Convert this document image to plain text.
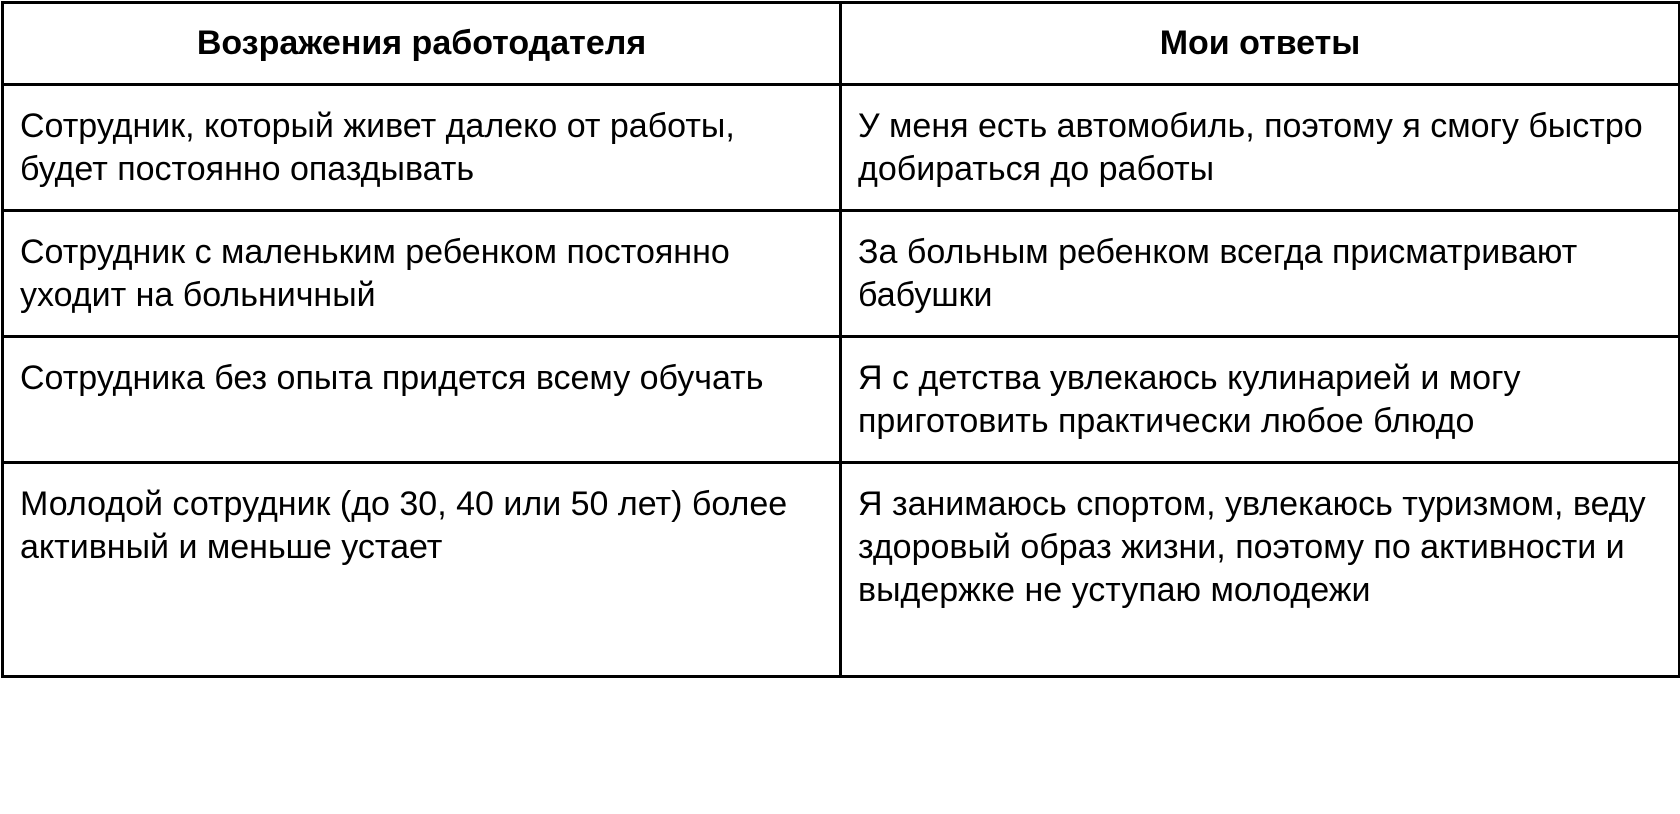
Возражения работодателя	Мои ответы
Сотрудник, который живет далеко от работы, будет постоянно опаздывать	У меня есть автомобиль, поэтому я смогу быстро добираться до работы
Сотрудник с маленьким ребенком постоянно уходит на больничный	За больным ребенком всегда присматривают бабушки
Сотрудника без опыта придется всему обучать	Я с детства увлекаюсь кулинарией и могу приготовить практически любое блюдо
Молодой сотрудник (до 30, 40 или 50 лет) более активный и меньше устает	Я занимаюсь спортом, увлекаюсь туризмом, веду здоровый образ жизни, поэтому по активности и выдержке не уступаю молодежи
